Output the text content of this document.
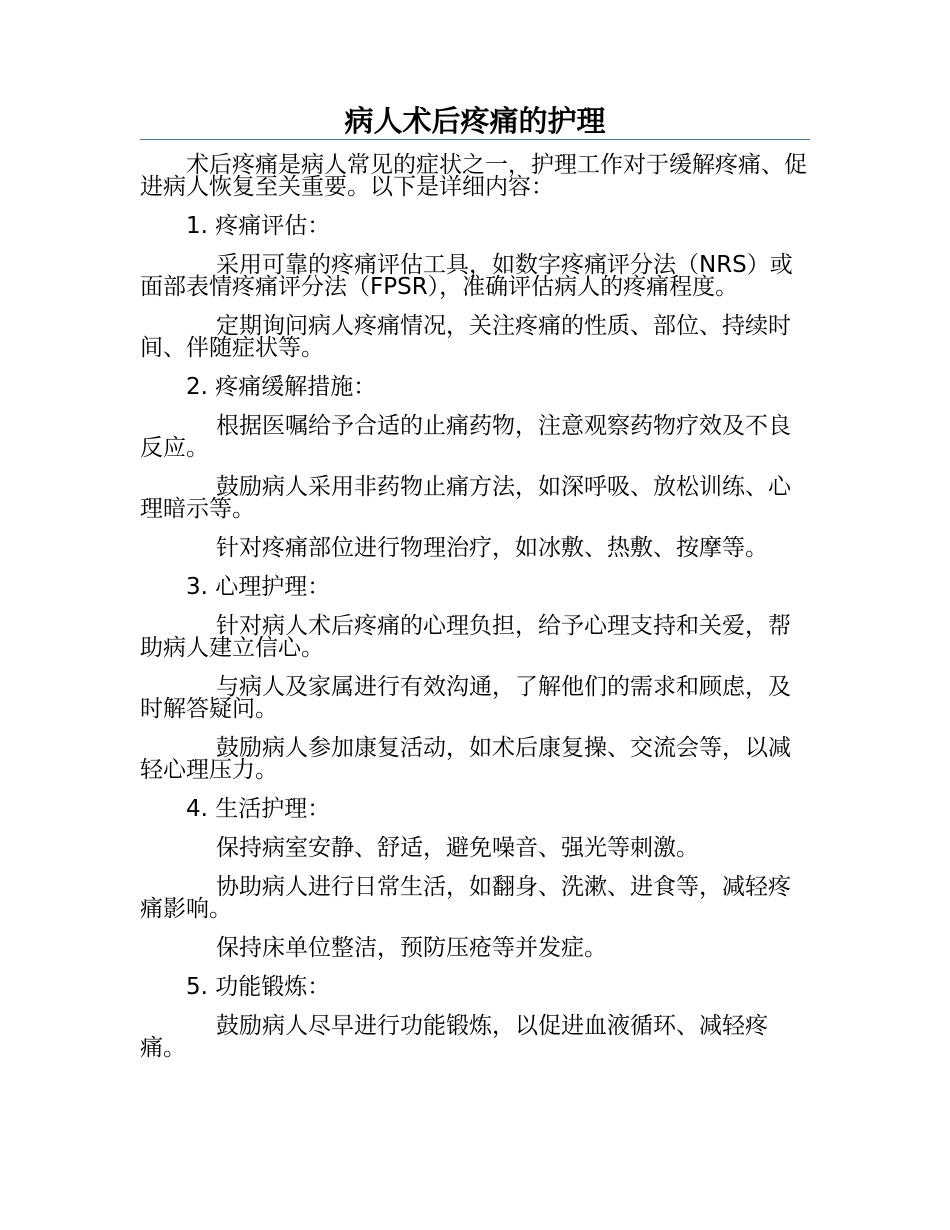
病人术后疼痛的护理

术后疼痛是病人常见的症状之一，护理工作对于缓解疼痛、促进病人恢复至关重要。以下是详细内容：

1. 疼痛评估：

采用可靠的疼痛评估工具，如数字疼痛评分法（NRS）或面部表情疼痛评分法（FPSR），准确评估病人的疼痛程度。

定期询问病人疼痛情况，关注疼痛的性质、部位、持续时间、伴随症状等。

2. 疼痛缓解措施：

根据医嘱给予合适的止痛药物，注意观察药物疗效及不良反应。

鼓励病人采用非药物止痛方法，如深呼吸、放松训练、心理暗示等。

针对疼痛部位进行物理治疗，如冰敷、热敷、按摩等。

3. 心理护理：

针对病人术后疼痛的心理负担，给予心理支持和关爱，帮助病人建立信心。

与病人及家属进行有效沟通，了解他们的需求和顾虑，及时解答疑问。

鼓励病人参加康复活动，如术后康复操、交流会等，以减轻心理压力。

4. 生活护理：

保持病室安静、舒适，避免噪音、强光等刺激。

协助病人进行日常生活，如翻身、洗漱、进食等，减轻疼痛影响。

保持床单位整洁，预防压疮等并发症。

5. 功能锻炼：

鼓励病人尽早进行功能锻炼，以促进血液循环、减轻疼痛。
